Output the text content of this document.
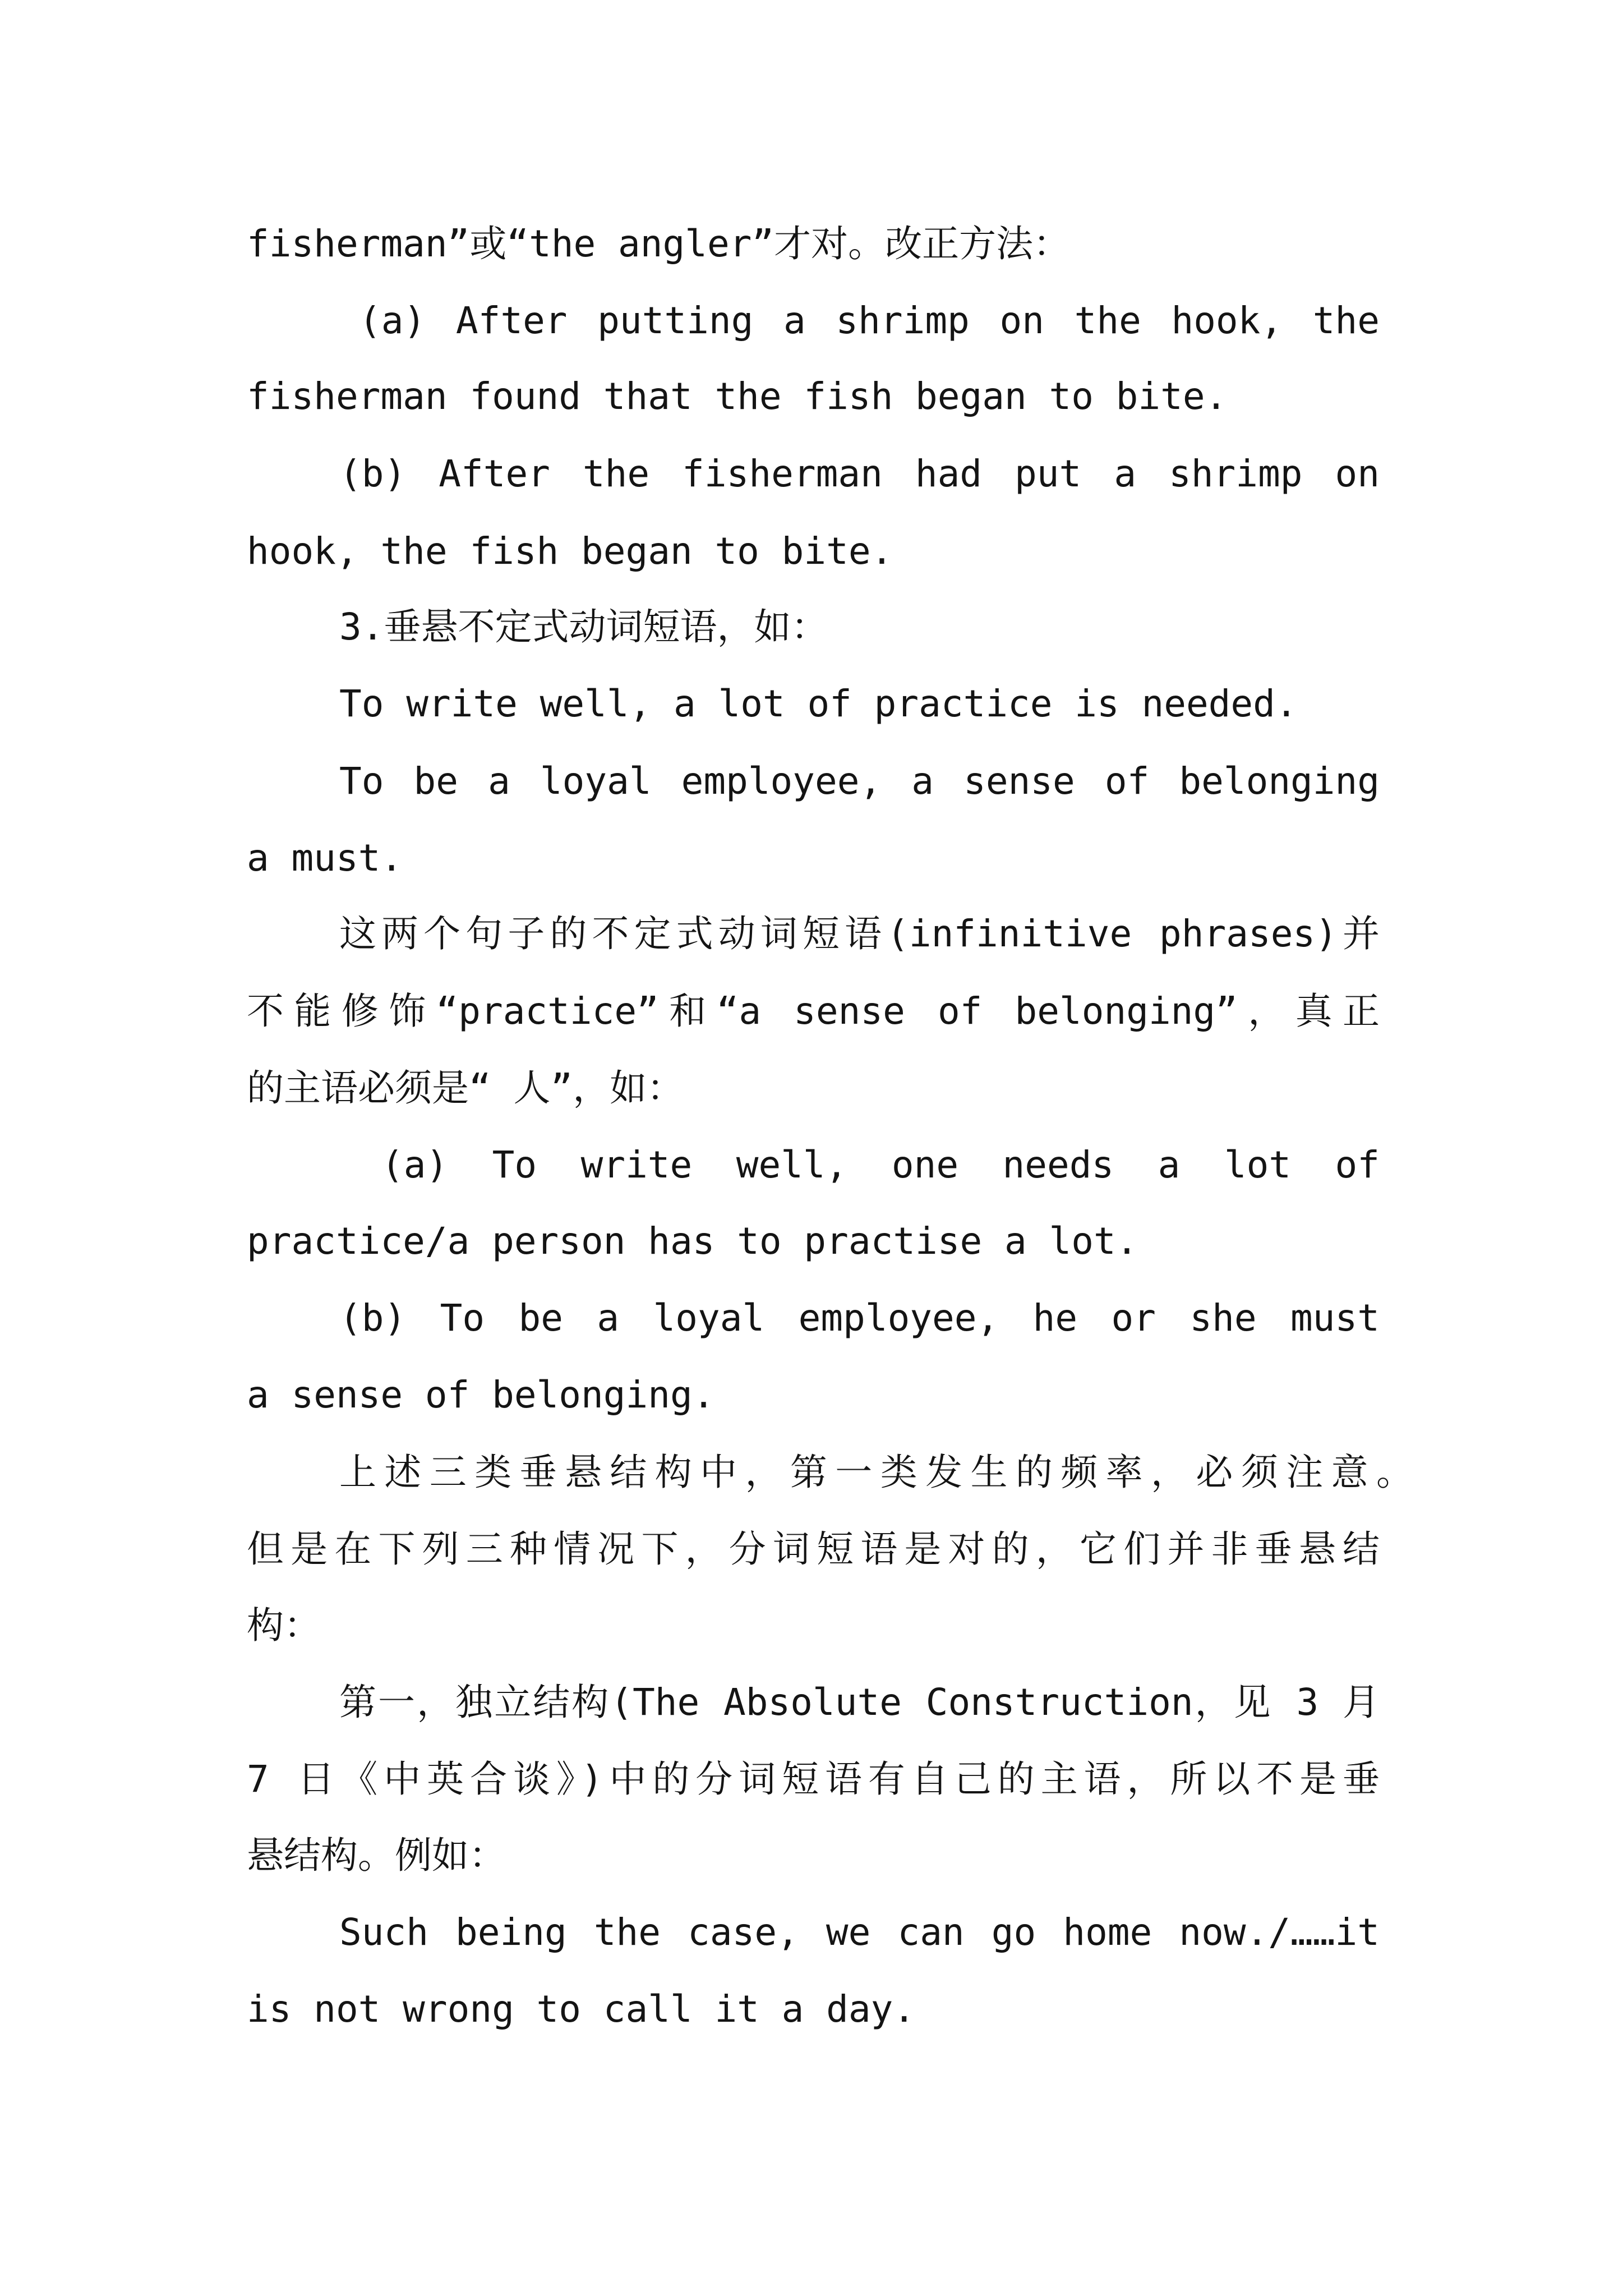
fisherman”或“the angler”才对。改正方法：

(a) After putting a shrimp on the hook, the

fisherman found that the fish began to bite.

(b) After the fisherman had put a shrimp on

hook, the fish began to bite.

3.垂悬不定式动词短语，如：

To write well, a lot of practice is needed.

To be a loyal employee, a sense of belonging

a must.

这两个句子的不定式动词短语(infinitive phrases)并

不能修饰“practice”和“a sense of belonging”，真正

的主语必须是“ 人”，如：

(a) To write well, one needs a lot of

practice/a person has to practise a lot.

(b) To be a loyal employee, he or she must

a sense of belonging.

上述三类垂悬结构中，第一类发生的频率，必须注意。

但是在下列三种情况下，分词短语是对的，它们并非垂悬结

构：

第一，独立结构(The Absolute Construction，见 3 月

7 日《中英合谈》)中的分词短语有自己的主语，所以不是垂

悬结构。例如：

Such being the case, we can go home now./……it

is not wrong to call it a day.
